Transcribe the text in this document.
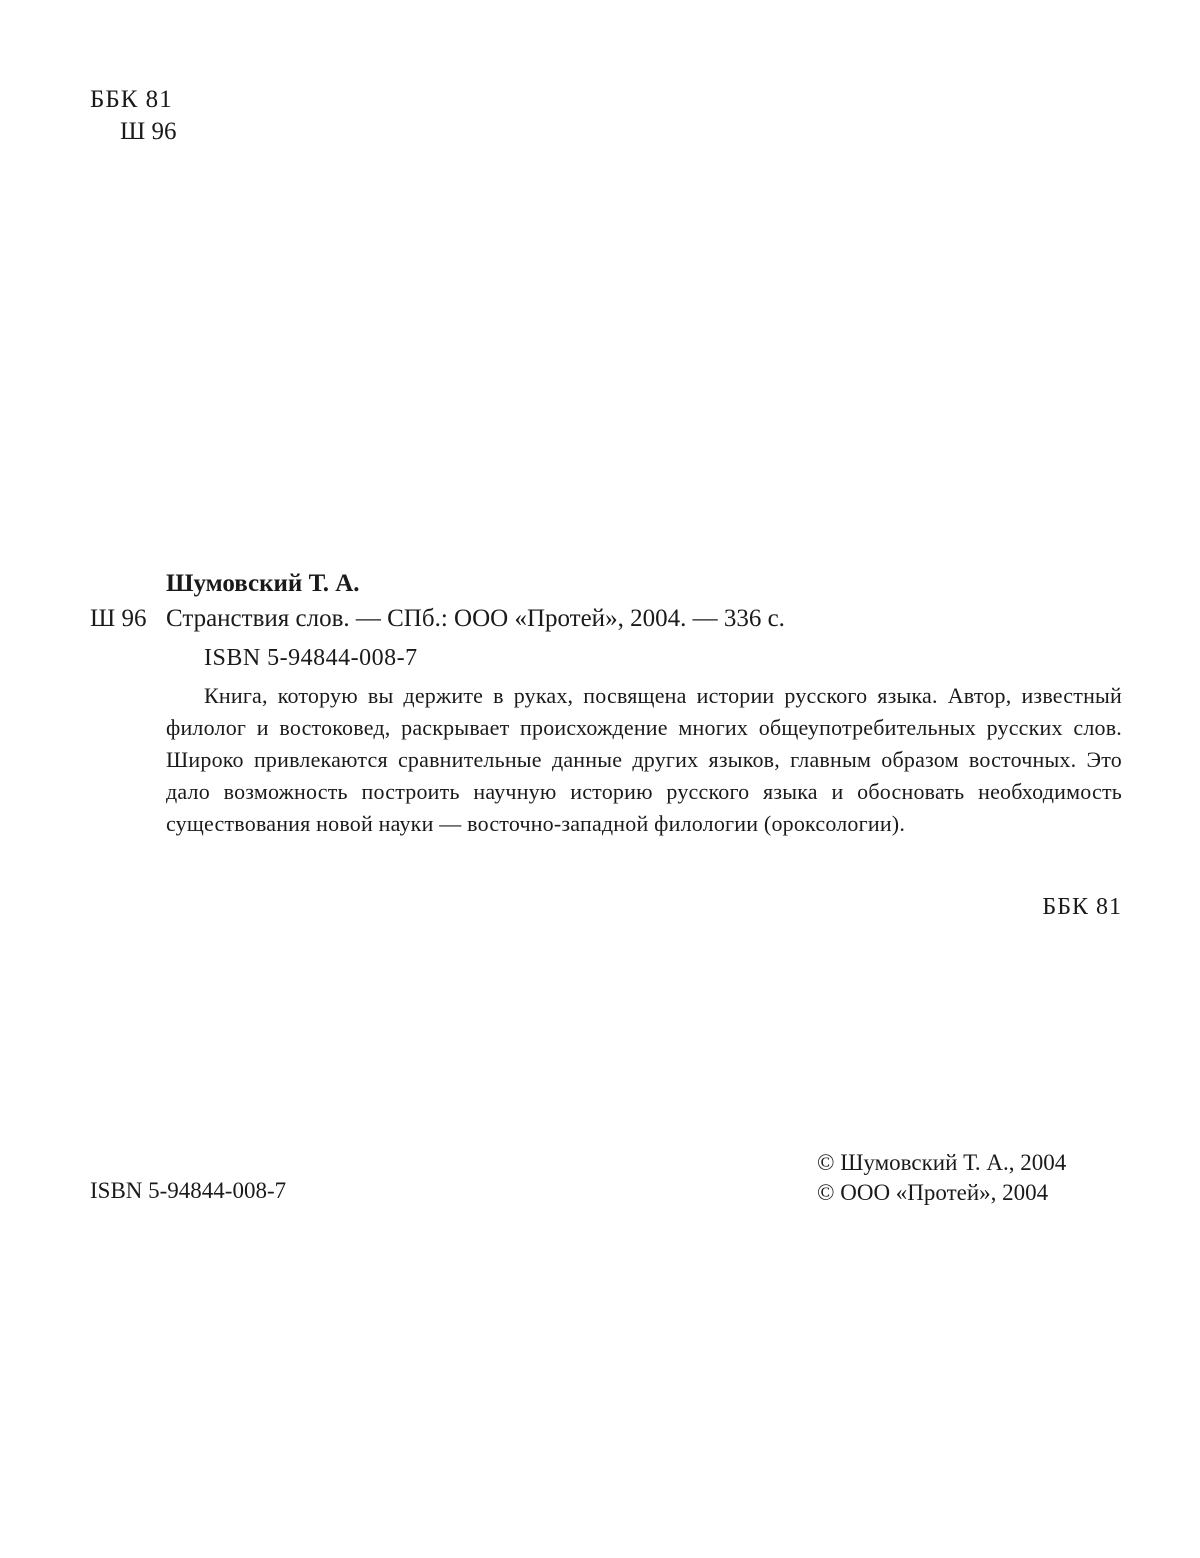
ББК 81
Ш 96
Шумовский Т. А.
Ш 96 Странствия слов. — СПб.: ООО «Протей», 2004. — 336 с.
ISBN 5-94844-008-7
Книга, которую вы держите в руках, посвящена истории русского языка. Автор, известный филолог и востоковед, раскрывает происхождение многих общеупотребительных русских слов. Широко привлекаются сравнительные данные других языков, главным образом восточных. Это дало возможность построить научную историю русского языка и обосновать необходимость существования новой науки — восточно-западной филологии (ороксологии).
ББК 81
ISBN 5-94844-008-7
© Шумовский Т. А., 2004
© ООО «Протей», 2004
